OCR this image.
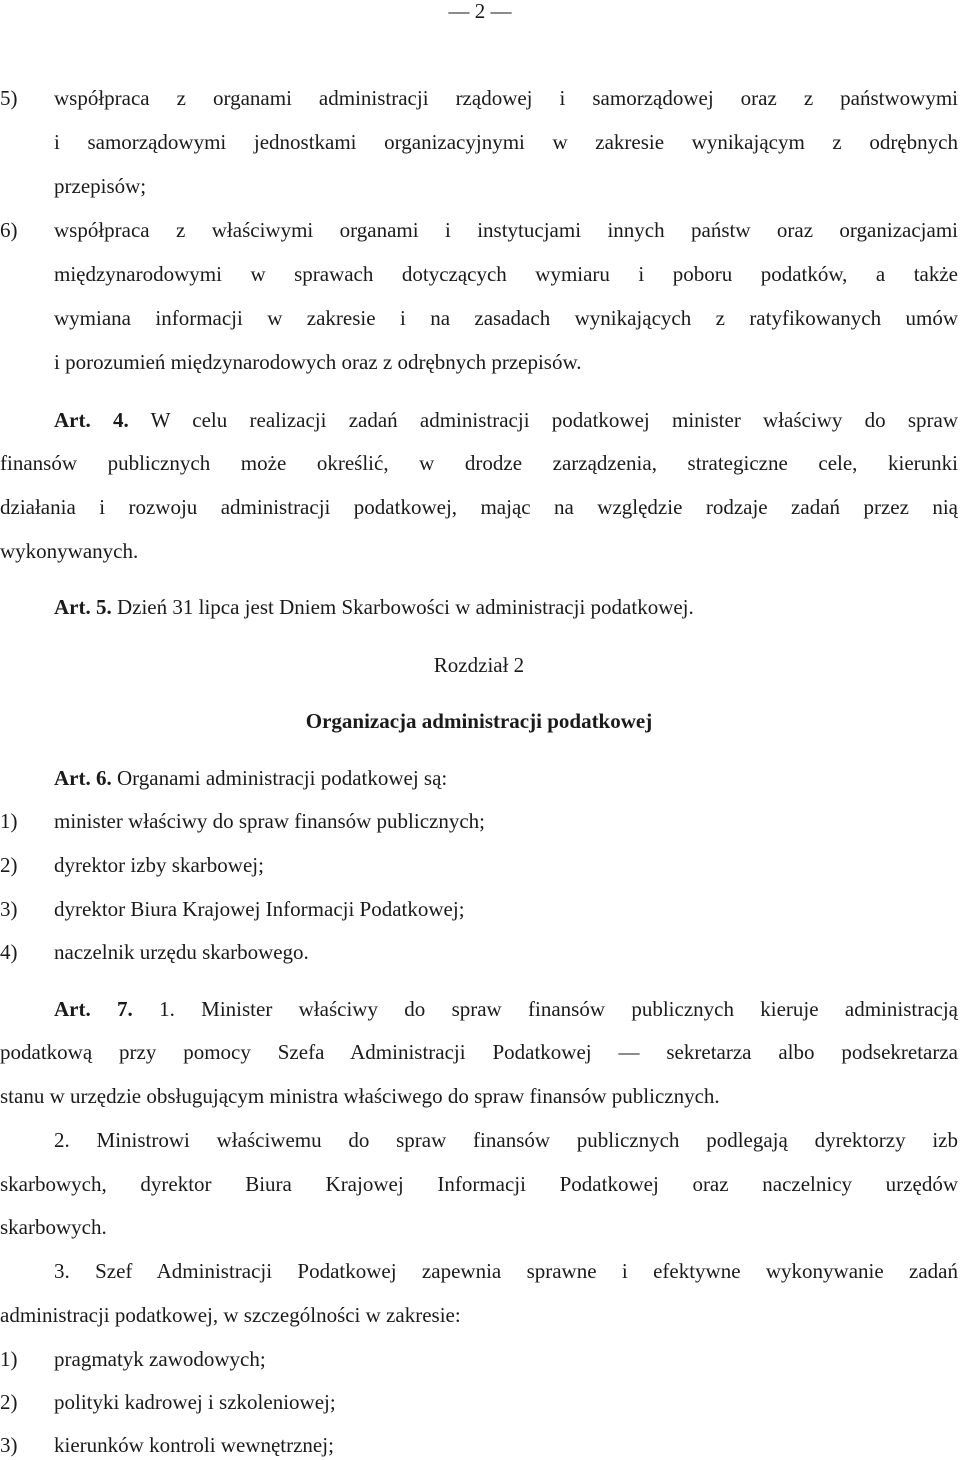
— 2 —

5)	współpraca z organami administracji rządowej i samorządowej oraz z państwowymi

i samorządowymi jednostkami organizacyjnymi w zakresie wynikającym z odrębnych

przepisów;

6)	współpraca z właściwymi organami i instytucjami innych państw oraz organizacjami

międzynarodowymi w sprawach dotyczących wymiaru i poboru podatków, a także

wymiana informacji w zakresie i na zasadach wynikających z ratyfikowanych umów

i porozumień międzynarodowych oraz z odrębnych przepisów.

Art. 4. W celu realizacji zadań administracji podatkowej minister właściwy do spraw

finansów publicznych może określić, w drodze zarządzenia, strategiczne cele, kierunki

działania i rozwoju administracji podatkowej, mając na względzie rodzaje zadań przez nią

wykonywanych.

Art. 5. Dzień 31 lipca jest Dniem Skarbowości w administracji podatkowej.

Rozdział 2

Organizacja administracji podatkowej

Art. 6. Organami administracji podatkowej są:

1) minister właściwy do spraw finansów publicznych;

2) dyrektor izby skarbowej;

3) dyrektor Biura Krajowej Informacji Podatkowej;

4) naczelnik urzędu skarbowego.

Art. 7. 1. Minister właściwy do spraw finansów publicznych kieruje administracją

podatkową przy pomocy Szefa Administracji Podatkowej — sekretarza albo podsekretarza

stanu w urzędzie obsługującym ministra właściwego do spraw finansów publicznych.

2. Ministrowi właściwemu do spraw finansów publicznych podlegają dyrektorzy izb

skarbowych, dyrektor Biura Krajowej Informacji Podatkowej oraz naczelnicy urzędów

skarbowych.

3. Szef Administracji Podatkowej zapewnia sprawne i efektywne wykonywanie zadań

administracji podatkowej, w szczególności w zakresie:

1) pragmatyk zawodowych;

2) polityki kadrowej i szkoleniowej;

3) kierunków kontroli wewnętrznej;
